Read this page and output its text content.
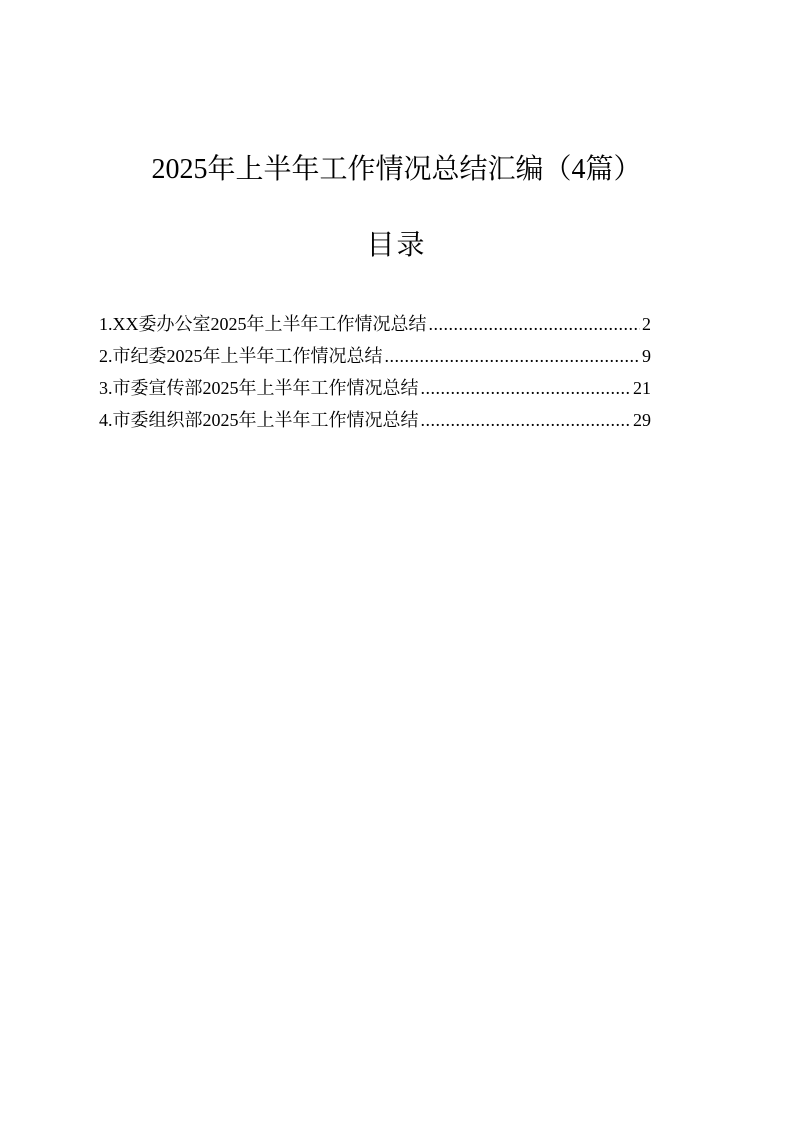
2025年上半年工作情况总结汇编（4篇）
目录
1.XX委办公室2025年上半年工作情况总结 .....	2
2.市纪委2025年上半年工作情况总结 .....	9
3.市委宣传部2025年上半年工作情况总结 .....	21
4.市委组织部2025年上半年工作情况总结 .....	29
